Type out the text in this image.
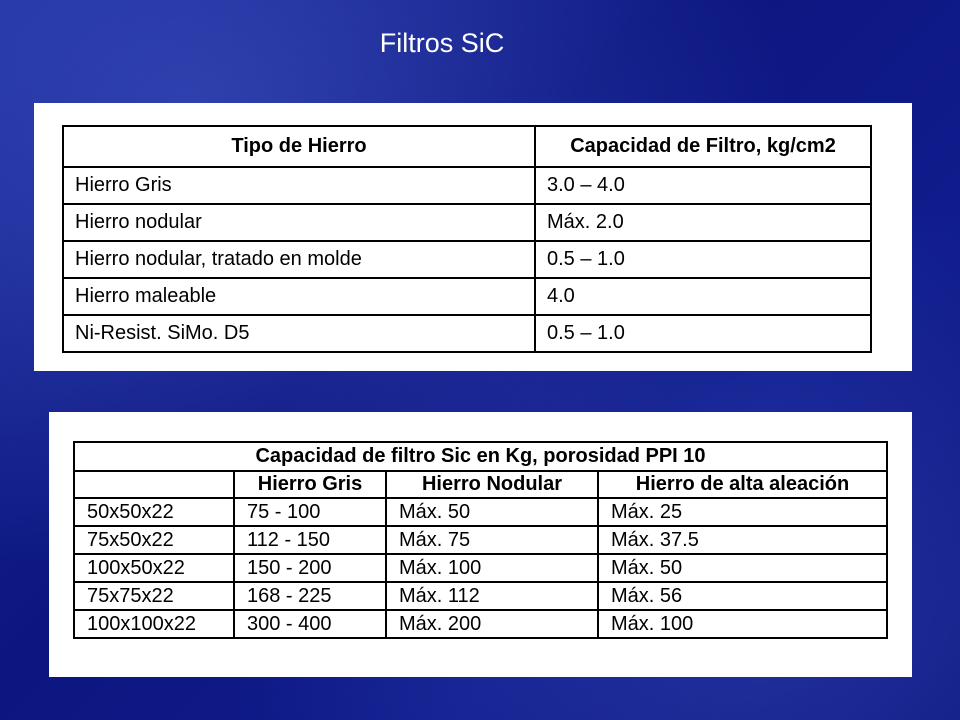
Filtros SiC
Tipo de Hierro	Capacidad de Filtro, kg/cm2
Hierro Gris	3.0 – 4.0
Hierro nodular	Máx. 2.0
Hierro nodular, tratado en molde	0.5 – 1.0
Hierro maleable	4.0
Ni-Resist. SiMo. D5	0.5 – 1.0
Capacidad de filtro Sic en Kg, porosidad PPI 10			
	Hierro Gris	Hierro Nodular	Hierro de alta aleación
50x50x22	75 - 100	Máx. 50	Máx. 25
75x50x22	112 - 150	Máx. 75	Máx. 37.5
100x50x22	150 - 200	Máx. 100	Máx. 50
75x75x22	168 - 225	Máx. 112	Máx. 56
100x100x22	300 - 400	Máx. 200	Máx. 100
